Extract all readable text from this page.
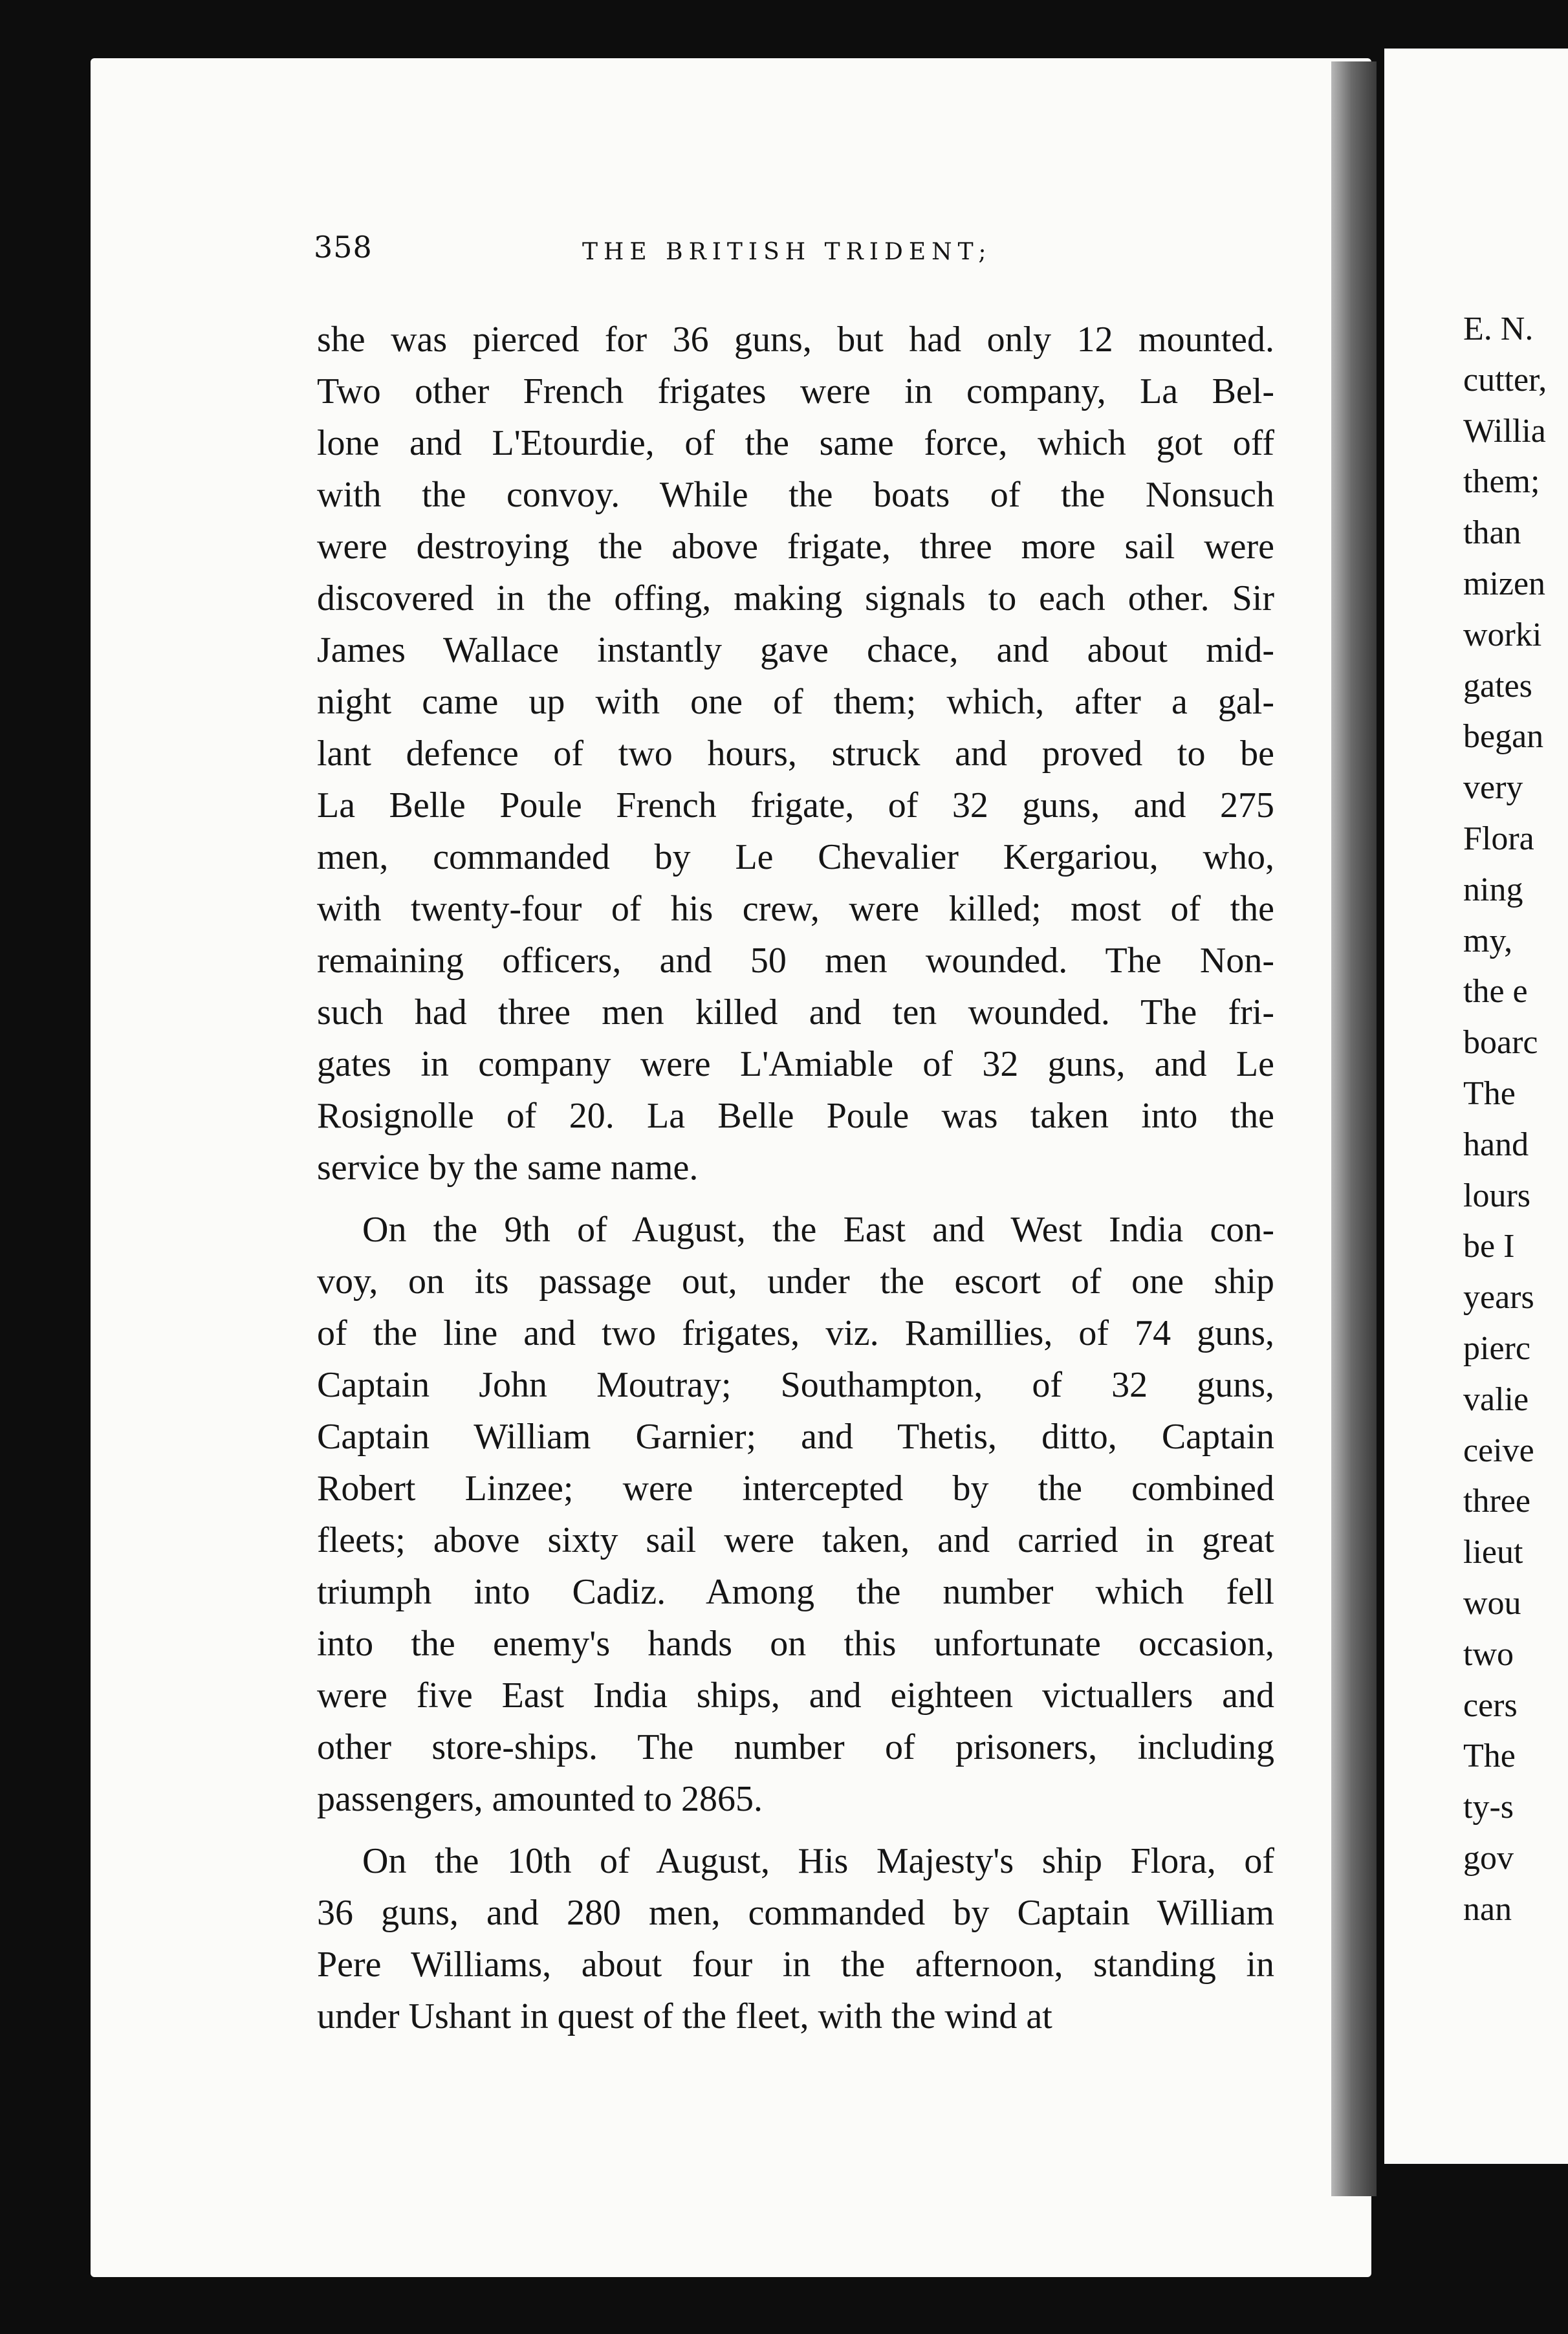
358	THE BRITISH TRIDENT;
she was pierced for 36 guns, but had only 12 mounted.
Two other French frigates were in company, La Bel-
lone and L'Etourdie, of the same force, which got off
with the convoy. While the boats of the Nonsuch
were destroying the above frigate, three more sail were
discovered in the offing, making signals to each other. Sir
James Wallace instantly gave chace, and about mid-
night came up with one of them; which, after a gal-
lant defence of two hours, struck and proved to be
La Belle Poule French frigate, of 32 guns, and 275
men, commanded by Le Chevalier Kergariou, who,
with twenty-four of his crew, were killed; most of the
remaining officers, and 50 men wounded. The Non-
such had three men killed and ten wounded. The fri-
gates in company were L'Amiable of 32 guns, and Le
Rosignolle of 20. La Belle Poule was taken into the
service by the same name.
On the 9th of August, the East and West India con-
voy, on its passage out, under the escort of one ship
of the line and two frigates, viz. Ramillies, of 74 guns,
Captain John Moutray; Southampton, of 32 guns,
Captain William Garnier; and Thetis, ditto, Captain
Robert Linzee; were intercepted by the combined
fleets; above sixty sail were taken, and carried in great
triumph into Cadiz. Among the number which fell
into the enemy's hands on this unfortunate occasion,
were five East India ships, and eighteen victuallers and
other store-ships. The number of prisoners, including
passengers, amounted to 2865.
On the 10th of August, His Majesty's ship Flora, of
36 guns, and 280 men, commanded by Captain William
Pere Williams, about four in the afternoon, standing in
under Ushant in quest of the fleet, with the wind at
E. N.
cutter,
Willia
them;
than
mizen
worki
gates
began
very
Flora
ning
my,
the e
boarc
The
hand
lours
be I
years
pierc
valie
ceive
three
lieut
wou
two
cers
The
ty-s
gov
nan
